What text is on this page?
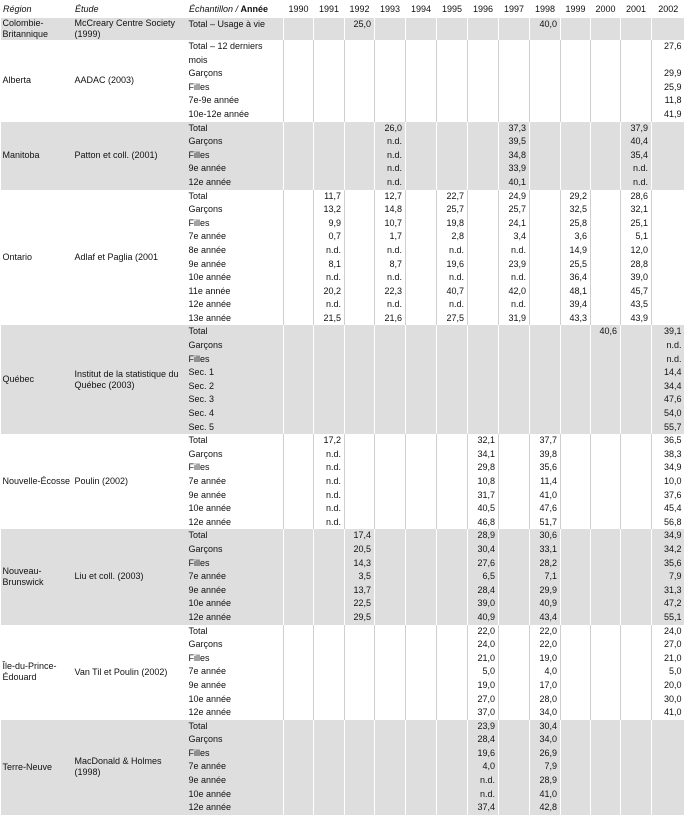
Région	Étude	Échantillon / Année	1990	1991	1992	1993	1994	1995	1996	1997	1998	1999	2000	2001	2002
Colombie-Britannique	McCreary Centre Society (1999)	Total – Usage à vie			25,0						40,0				
Alberta	AADAC (2003)	Total – 12 derniers mois													27,6
		Garçons													29,9
		Filles													25,9
		7e-9e année													11,8
		10e-12e année													41,9
Manitoba	Patton et coll. (2001)	Total				26,0				37,3				37,9	
		Garçons				n.d.				39,5				40,4	
		Filles				n.d.				34,8				35,4	
		9e année				n.d.				33,9				n.d.	
		12e année				n.d.				40,1				n.d.	
Ontario	Adlaf et Paglia (2001	Total		11,7		12,7		22,7		24,9		29,2		28,6	
		Garçons		13,2		14,8		25,7		25,7		32,5		32,1	
		Filles		9,9		10,7		19,8		24,1		25,8		25,1	
		7e année		0,7		1,7		2,8		3,4		3,6		5,1	
		8e année		n.d.		n.d.		n.d.		n.d.		14,9		12,0	
		9e année		8,1		8,7		19,6		23,9		25,5		28,8	
		10e année		n.d.		n.d.		n.d.		n.d.		36,4		39,0	
		11e année		20,2		22,3		40,7		42,0		48,1		45,7	
		12e année		n.d.		n.d.		n.d.		n.d.		39,4		43,5	
		13e année		21,5		21,6		27,5		31,9		43,3		43,9	
Québec	Institut de la statistique du Québec (2003)	Total											40,6		39,1
		Garçons													n.d.
		Filles													n.d.
		Sec. 1													14,4
		Sec. 2													34,4
		Sec. 3													47,6
		Sec. 4													54,0
		Sec. 5													55,7
Nouvelle-Écosse	Poulin (2002)	Total		17,2					32,1		37,7				36,5
		Garçons		n.d.					34,1		39,8				38,3
		Filles		n.d.					29,8		35,6				34,9
		7e année		n.d.					10,8		11,4				10,0
		9e année		n.d.					31,7		41,0				37,6
		10e année		n.d.					40,5		47,6				45,4
		12e année		n.d.					46,8		51,7				56,8
Nouveau-Brunswick	Liu et coll. (2003)	Total			17,4				28,9		30,6				34,9
		Garçons			20,5				30,4		33,1				34,2
		Filles			14,3				27,6		28,2				35,6
		7e année			3,5				6,5		7,1				7,9
		9e année			13,7				28,4		29,9				31,3
		10e année			22,5				39,0		40,9				47,2
		12e année			29,5				40,9		43,4				55,1
Île-du-Prince-Édouard	Van Til et Poulin (2002)	Total							22,0		22,0				24,0
		Garçons							24,0		22,0				27,0
		Filles							21,0		19,0				21,0
		7e année							5,0		4,0				5,0
		9e année							19,0		17,0				20,0
		10e année							27,0		28,0				30,0
		12e année							37,0		34,0				41,0
Terre-Neuve	MacDonald & Holmes (1998)	Total							23,9		30,4				
		Garçons							28,4		34,0				
		Filles							19,6		26,9				
		7e année							4,0		7,9				
		9e année							n.d.		28,9				
		10e année							n.d.		41,0				
		12e année							37,4		42,8				
